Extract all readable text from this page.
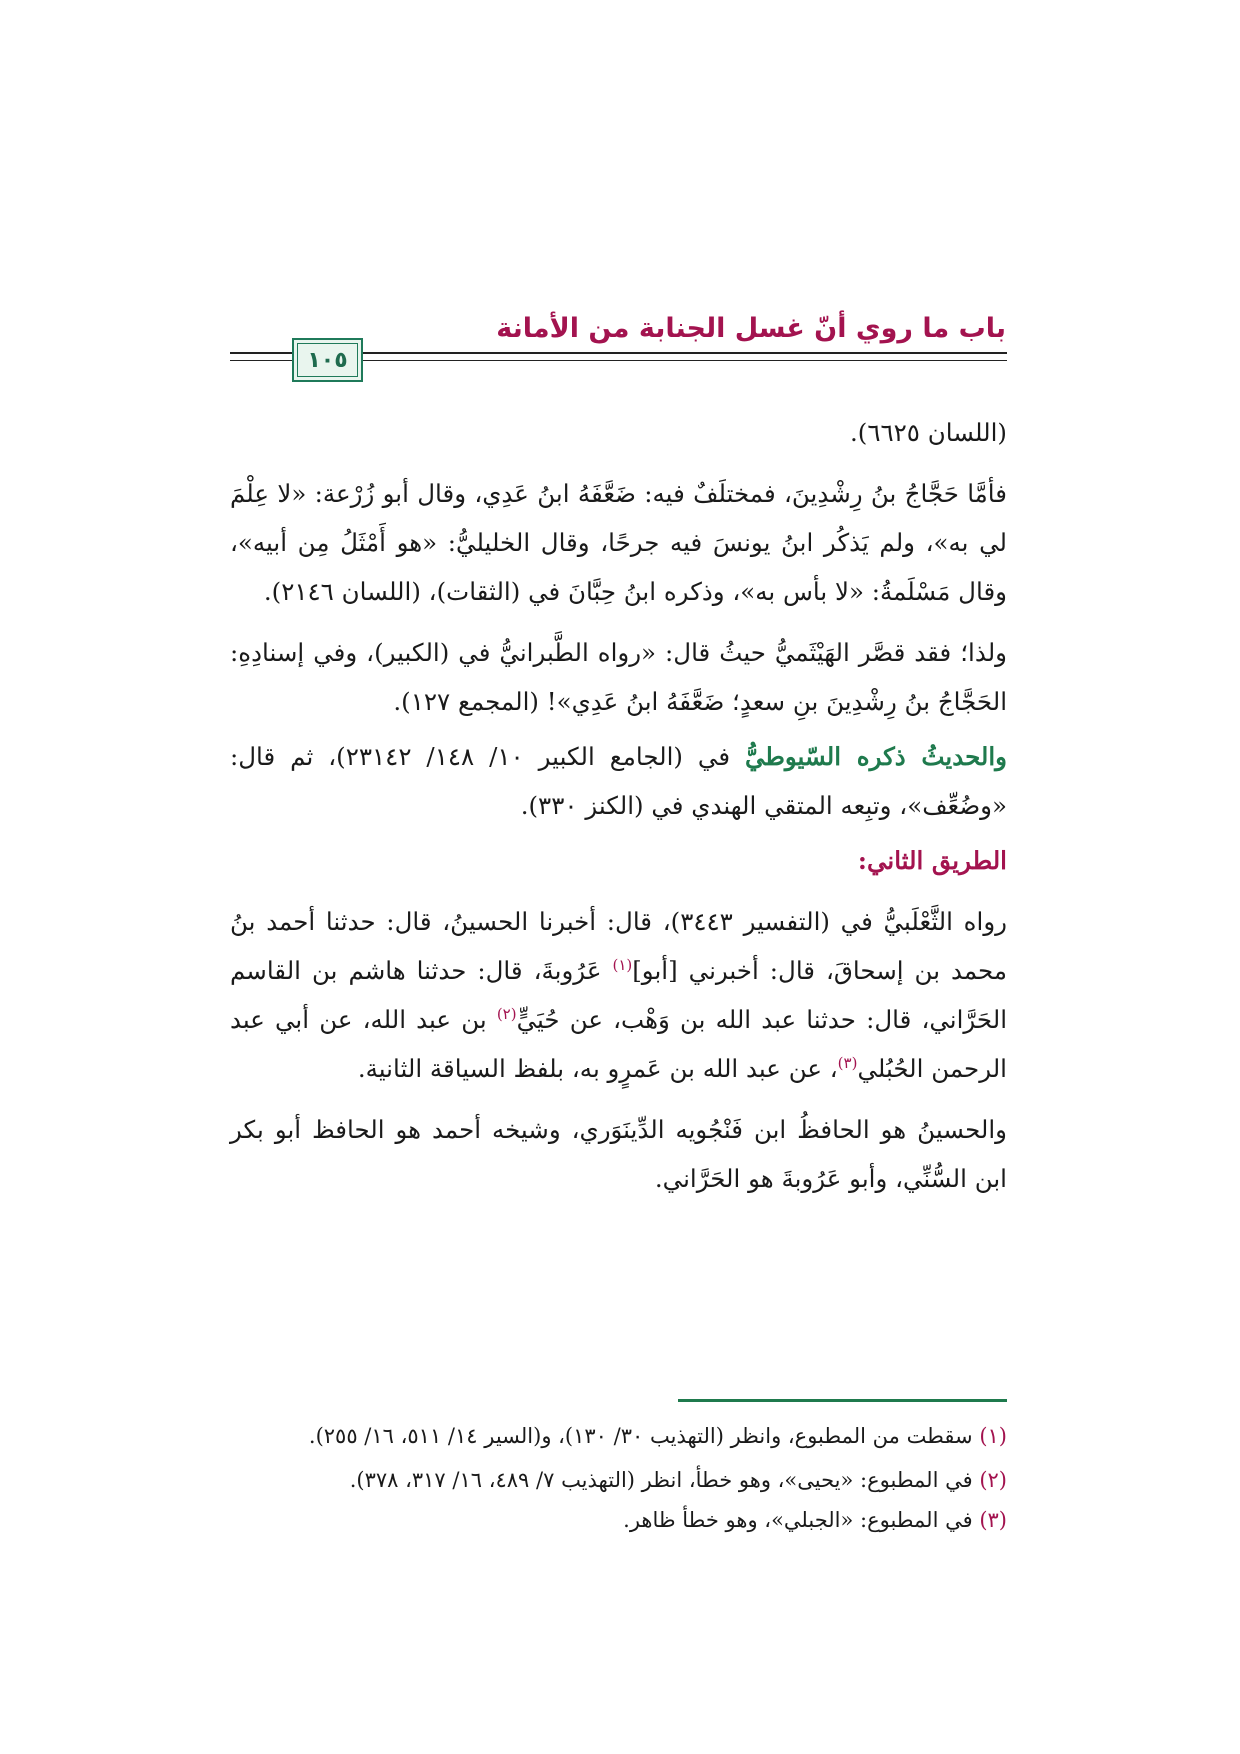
باب ما روي أنّ غسل الجنابة من الأمانة
١٠٥

(اللسان ٦٦٢٥).

فأمَّا حَجَّاجُ بنُ رِشْدِينَ، فمختلَفٌ فيه: ضَعَّفَهُ ابنُ عَدِي، وقال أبو زُرْعة: «لا عِلْمَ لي به»، ولم يَذكُر ابنُ يونسَ فيه جرحًا، وقال الخليليُّ: «هو أَمْثَلُ مِن أبيه»، وقال مَسْلَمةُ: «لا بأس به»، وذكره ابنُ حِبَّانَ في (الثقات)، (اللسان ٢١٤٦).

ولذا؛ فقد قصَّر الهَيْثَميُّ حيثُ قال: «رواه الطَّبرانيُّ في (الكبير)، وفي إسنادِهِ: الحَجَّاجُ بنُ رِشْدِينَ بنِ سعدٍ؛ ضَعَّفَهُ ابنُ عَدِي»! (المجمع ١٢٧).

والحديثُ ذكره السّيوطيُّ في (الجامع الكبير ١٠/ ١٤٨/ ٢٣١٤٢)، ثم قال: «وضُعِّف»، وتبِعه المتقي الهندي في (الكنز ٣٣٠).

الطريق الثاني:

رواه الثَّعْلَبيُّ في (التفسير ٣٤٤٣)، قال: أخبرنا الحسينُ، قال: حدثنا أحمد بنُ محمد بن إسحاقَ، قال: أخبرني [أبو]$^{(١)}$ عَرُوبةَ، قال: حدثنا هاشم بن القاسم الحَرَّاني، قال: حدثنا عبد الله بن وَهْب، عن حُيَيٍّ$^{(٢)}$ بن عبد الله، عن أبي عبد الرحمن الحُبُلي$^{(٣)}$، عن عبد الله بن عَمرٍو به، بلفظ السياقة الثانية.

والحسينُ هو الحافظُ ابن فَنْجُويه الدِّينَوَري، وشيخه أحمد هو الحافظ أبو بكر ابن السُّنِّي، وأبو عَرُوبةَ هو الحَرَّاني.

(١) سقطت من المطبوع، وانظر (التهذيب ٣٠/ ١٣٠)، و(السير ١٤/ ٥١١، ١٦/ ٢٥٥).
(٢) في المطبوع: «يحيى»، وهو خطأ، انظر (التهذيب ٧/ ٤٨٩، ١٦/ ٣١٧، ٣٧٨).
(٣) في المطبوع: «الجبلي»، وهو خطأ ظاهر.
